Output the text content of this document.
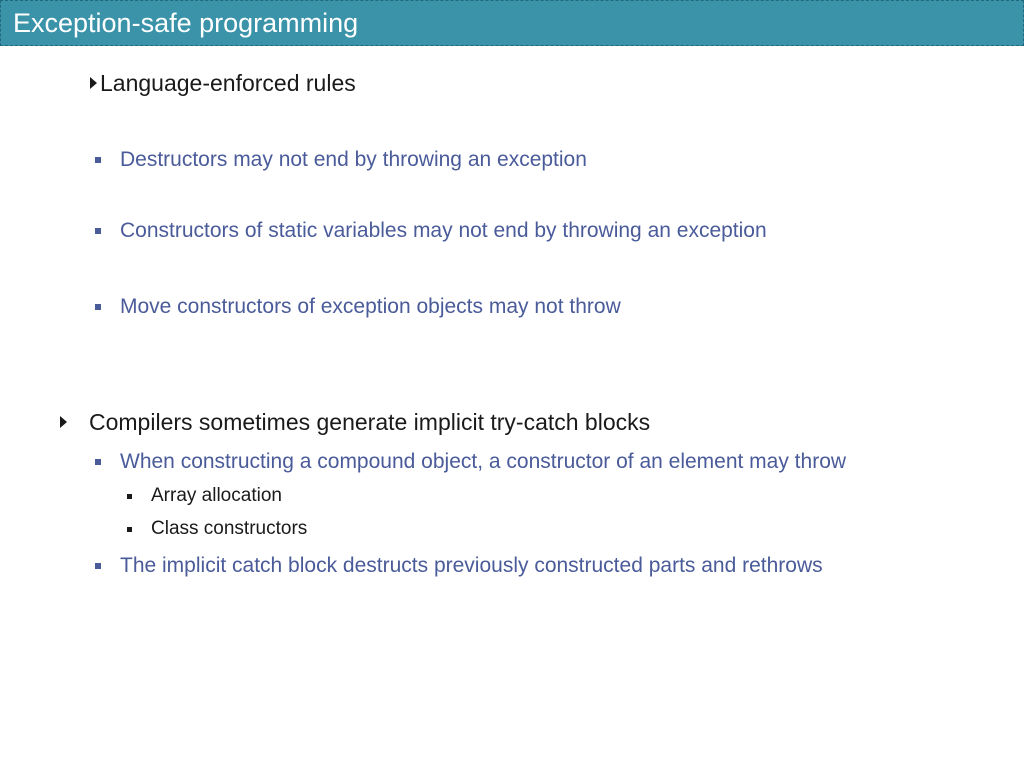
Exception-safe programming
Language-enforced rules
Destructors may not end by throwing an exception
Constructors of static variables may not end by throwing an exception
Move constructors of exception objects may not throw
Compilers sometimes generate implicit try-catch blocks
When constructing a compound object, a constructor of an element may throw
Array allocation
Class constructors
The implicit catch block destructs previously constructed parts and rethrows
